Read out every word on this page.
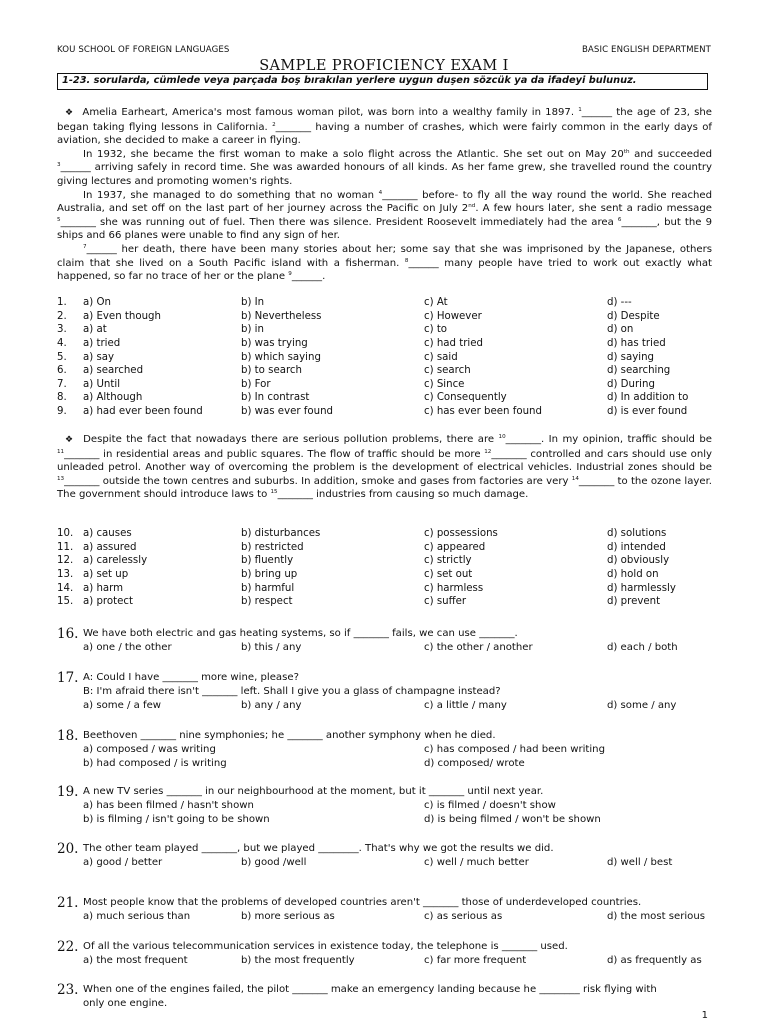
KOU SCHOOL OF FOREIGN LANGUAGES	BASIC ENGLISH DEPARTMENT
SAMPLE PROFICIENCY EXAM I
1-23. sorularda, cümlede veya parçada boş bırakılan yerlere uygun duşen sözcük ya da ifadeyi bulunuz.

❖ Amelia Earheart, America's most famous woman pilot, was born into a wealthy family in 1897. $^1$______ the age of 23, she began taking flying lessons in California. $^2$_______ having a number of crashes, which were fairly common in the early days of aviation, she decided to make a career in flying.

In 1932, she became the first woman to make a solo flight across the Atlantic. She set out on May 20th and succeeded $^3$______ arriving safely in record time. She was awarded honours of all kinds. As her fame grew, she travelled round the country giving lectures and promoting women's rights.

In 1937, she managed to do something that no woman $^4$_______ before- to fly all the way round the world. She reached Australia, and set off on the last part of her journey across the Pacific on July 2nd. A few hours later, she sent a radio message $^5$_______ she was running out of fuel. Then there was silence. President Roosevelt immediately had the area $^6$_______, but the 9 ships and 66 planes were unable to find any sign of her.

$^7$______ her death, there have been many stories about her; some say that she was imprisoned by the Japanese, others claim that she lived on a South Pacific island with a fisherman. $^8$______ many people have tried to work out exactly what happened, so far no trace of her or the plane $^9$______.

1.	a) On	b) In	c) At	d) ---
2.	a) Even though	b) Nevertheless	c) However	d) Despite
3.	a) at	b) in	c) to	d) on
4.	a) tried	b) was trying	c) had tried	d) has tried
5.	a) say	b) which saying	c) said	d) saying
6.	a) searched	b) to search	c) search	d) searching
7.	a) Until	b) For	c) Since	d) During
8.	a) Although	b) In contrast	c) Consequently	d) In addition to
9.	a) had ever been found	b) was ever found	c) has ever been found	d) is ever found

❖ Despite the fact that nowadays there are serious pollution problems, there are $^{10}$_______. In my opinion, traffic should be $^{11}$_______ in residential areas and public squares. The flow of traffic should be more $^{12}$_______ controlled and cars should use only unleaded petrol. Another way of overcoming the problem is the development of electrical vehicles. Industrial zones should be $^{13}$_______ outside the town centres and suburbs. In addition, smoke and gases from factories are very $^{14}$_______ to the ozone layer. The government should introduce laws to $^{15}$_______ industries from causing so much damage.

10.	a) causes	b) disturbances	c) possessions	d) solutions
11.	a) assured	b) restricted	c) appeared	d) intended
12.	a) carelessly	b) fluently	c) strictly	d) obviously
13.	a) set up	b) bring up	c) set out	d) hold on
14.	a) harm	b) harmful	c) harmless	d) harmlessly
15.	a) protect	b) respect	c) suffer	d) prevent
16. We have both electric and gas heating systems, so if _______ fails, we can use _______.
a) one / the other	b) this / any	c) the other / another	d) each / both
17. A: Could I have _______ more wine, please?
B: I'm afraid there isn't _______ left. Shall I give you a glass of champagne instead?
a) some / a few	b) any / any	c) a little / many	d) some / any
18. Beethoven _______ nine symphonies; he _______ another symphony when he died.
a) composed / was writing	c) has composed / had been writing
b) had composed / is writing	d) composed/ wrote
19. A new TV series _______ in our neighbourhood at the moment, but it _______ until next year.
a) has been filmed / hasn't shown	c) is filmed / doesn't show
b) is filming / isn't going to be shown	d) is being filmed / won't be shown
20. The other team played _______, but we played ________. That's why we got the results we did.
a) good / better	b) good /well	c) well / much better	d) well / best
21. Most people know that the problems of developed countries aren't _______ those of underdeveloped countries.
a) much serious than	b) more serious as	c) as serious as	d) the most serious
22. Of all the various telecommunication services in existence today, the telephone is _______ used.
a) the most frequent	b) the most frequently	c) far more frequent	d) as frequently as
23. When one of the engines failed, the pilot _______ make an emergency landing because he ________ risk flying with
only one engine.
1
